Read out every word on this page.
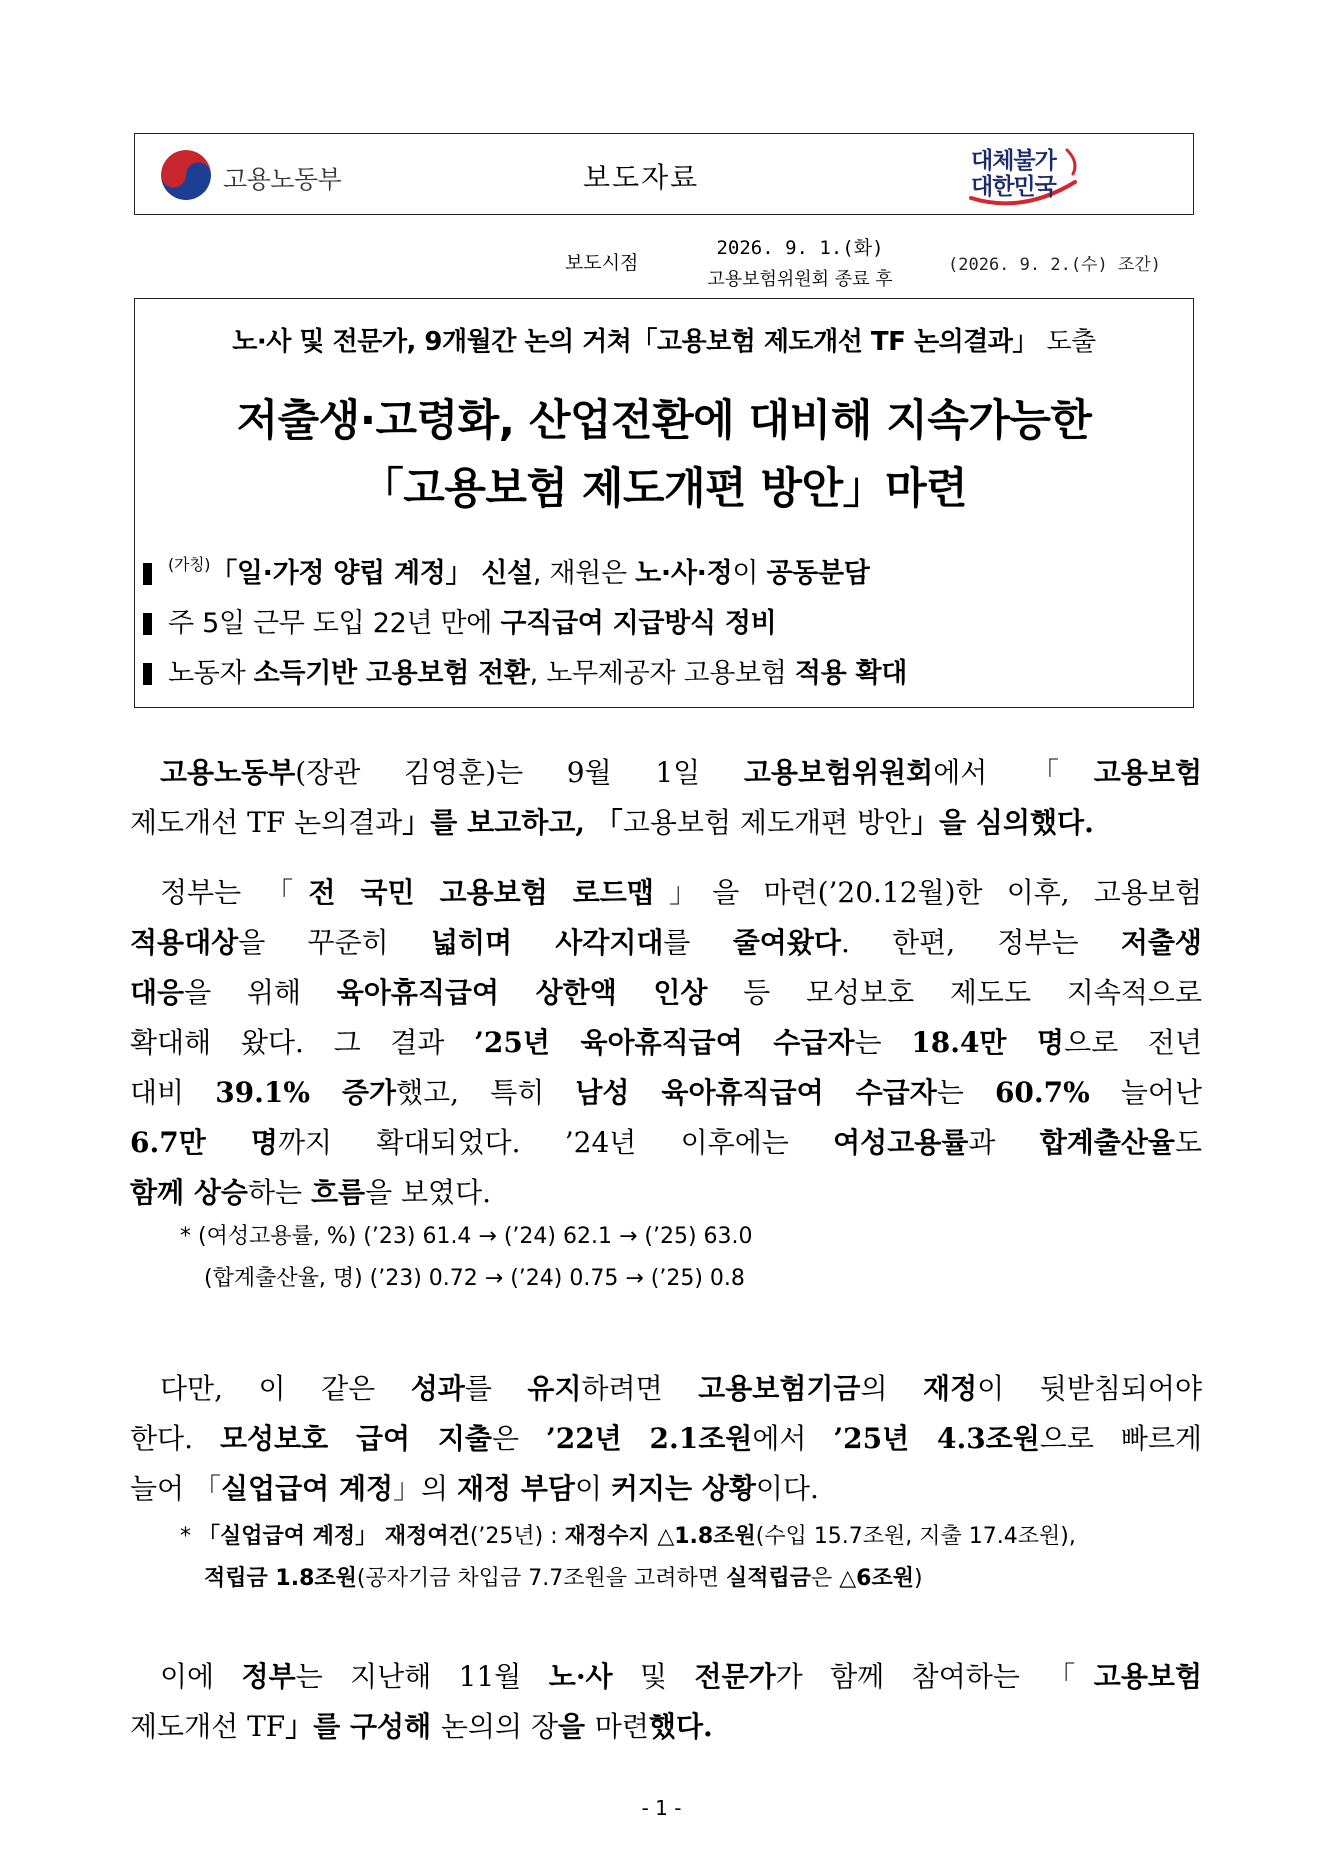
고용노동부	보도자료	대체불가
대한민국
보도시점
2026. 9. 1.(화)
고용보험위원회 종료 후
(2026. 9. 2.(수) 조간)
노·사 및 전문가, 9개월간 논의 거쳐「고용보험 제도개선 TF 논의결과」 도출
저출생·고령화, 산업전환에 대비해 지속가능한
「고용보험 제도개편 방안」마련
$^{(가칭)}$「일·가정 양립 계정」 신설, 재원은 노·사·정이 공동분담
주 5일 근무 도입 22년 만에 구직급여 지급방식 정비
노동자 소득기반 고용보험 전환, 노무제공자 고용보험 적용 확대
고용노동부(장관 김영훈)는 9월 1일 고용보험위원회에서 「고용보험
제도개선 TF 논의결과」를 보고하고, 「고용보험 제도개편 방안」을 심의했다.
정부는 「전 국민 고용보험 로드맵」을 마련(’20.12월)한 이후, 고용보험
적용대상을 꾸준히 넓히며 사각지대를 줄여왔다. 한편, 정부는 저출생
대응을 위해 육아휴직급여 상한액 인상 등 모성보호 제도도 지속적으로
확대해 왔다. 그 결과 ’25년 육아휴직급여 수급자는 18.4만 명으로 전년
대비 39.1% 증가했고, 특히 남성 육아휴직급여 수급자는 60.7% 늘어난
6.7만 명까지 확대되었다. ’24년 이후에는 여성고용률과 합계출산율도
함께 상승하는 흐름을 보였다.
* (여성고용률, %) (’23) 61.4 → (’24) 62.1 → (’25) 63.0
(합계출산율, 명) (’23) 0.72 → (’24) 0.75 → (’25) 0.8
다만, 이 같은 성과를 유지하려면 고용보험기금의 재정이 뒷받침되어야
한다. 모성보호 급여 지출은 ’22년 2.1조원에서 ’25년 4.3조원으로 빠르게
늘어 「실업급여 계정」의 재정 부담이 커지는 상황이다.
* 「실업급여 계정」 재정여건(’25년) : 재정수지 △1.8조원(수입 15.7조원, 지출 17.4조원),
적립금 1.8조원(공자기금 차입금 7.7조원을 고려하면 실적립금은 △6조원)
이에 정부는 지난해 11월 노·사 및 전문가가 함께 참여하는 「고용보험
제도개선 TF」를 구성해 논의의 장을 마련했다.
- 1 -
